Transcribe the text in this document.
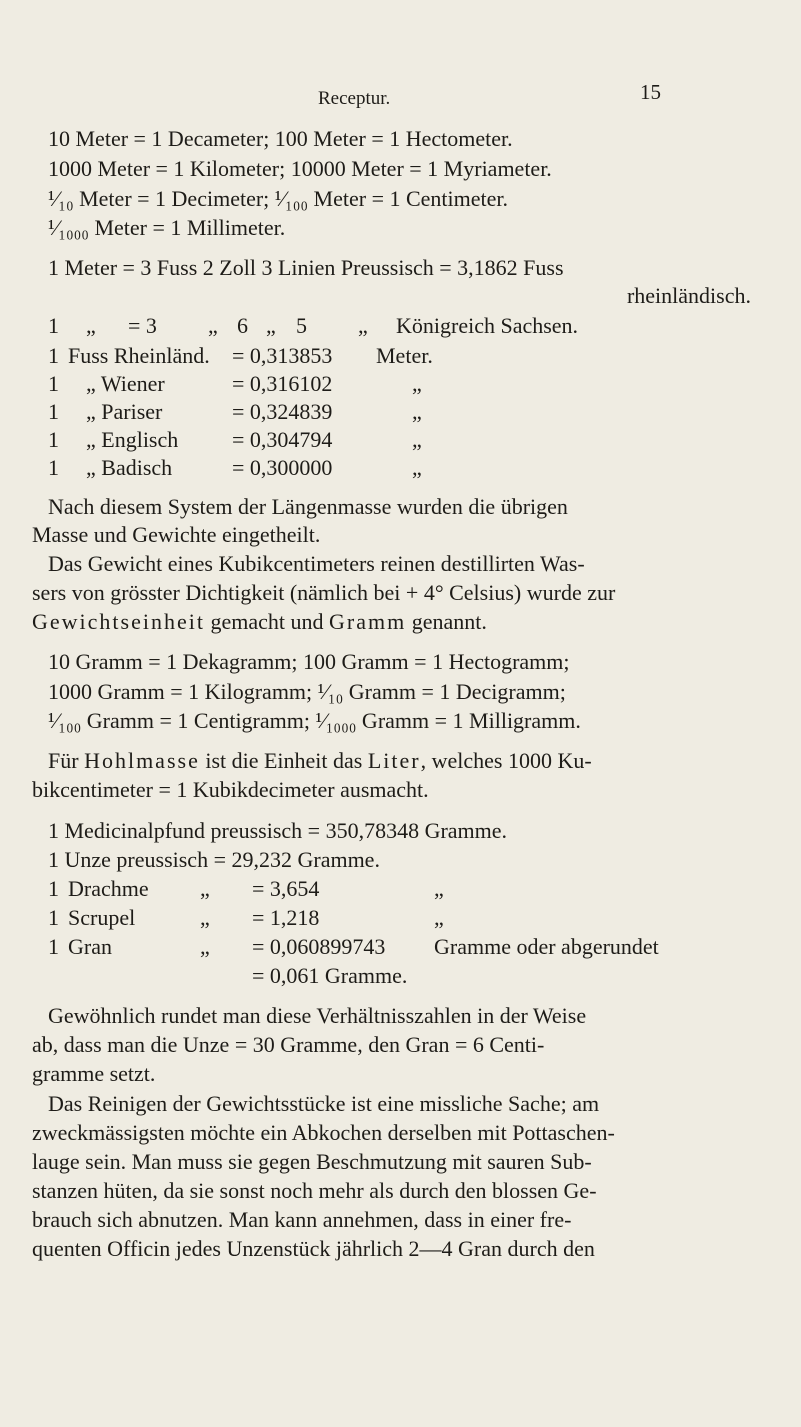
Receptur.	15
10 Meter = 1 Decameter; 100 Meter = 1 Hectometer.
1000 Meter = 1 Kilometer; 10000 Meter = 1 Myriameter.
¹⁄₁₀ Meter = 1 Decimeter; ¹⁄₁₀₀ Meter = 1 Centimeter.
¹⁄₁₀₀₀ Meter = 1 Millimeter.
1 Meter = 3 Fuss 2 Zoll 3 Linien Preussisch = 3,1862 Fuss
rheinländisch.
1 „ = 3 „ 6 „ 5 „ Königreich Sachsen.
1 Fuss Rheinländ. = 0,313853 Meter.
1 „ Wiener	= 0,316102	„
1 „ Pariser	= 0,324839	„
1 „ Englisch = 0,304794	„
1 „ Badisch	= 0,300000	„
Nach diesem System der Längenmasse wurden die übrigen
Masse und Gewichte eingetheilt.
Das Gewicht eines Kubikcentimeters reinen destillirten Was-
sers von grösster Dichtigkeit (nämlich bei + 4° Celsius) wurde zur
Gewichtseinheit gemacht und Gramm genannt.
10 Gramm = 1 Dekagramm; 100 Gramm = 1 Hectogramm;
1000 Gramm = 1 Kilogramm; ¹⁄₁₀ Gramm = 1 Decigramm;
¹⁄₁₀₀ Gramm = 1 Centigramm; ¹⁄₁₀₀₀ Gramm = 1 Milligramm.
Für Hohlmasse ist die Einheit das Liter, welches 1000 Ku-
bikcentimeter = 1 Kubikdecimeter ausmacht.
1 Medicinalpfund preussisch = 350,78348 Gramme.
1 Unze preussisch = 29,232 Gramme.
1 Drachme „ = 3,654	„
1 Scrupel	„ = 1,218	„
1 Gran	„ = 0,060899743 Gramme oder abgerundet
= 0,061 Gramme.
Gewöhnlich rundet man diese Verhältnisszahlen in der Weise
ab, dass man die Unze = 30 Gramme, den Gran = 6 Centi-
gramme setzt.
Das Reinigen der Gewichtsstücke ist eine missliche Sache; am
zweckmässigsten möchte ein Abkochen derselben mit Pottaschen-
lauge sein. Man muss sie gegen Beschmutzung mit sauren Sub-
stanzen hüten, da sie sonst noch mehr als durch den blossen Ge-
brauch sich abnutzen. Man kann annehmen, dass in einer fre-
quenten Officin jedes Unzenstück jährlich 2—4 Gran durch den
